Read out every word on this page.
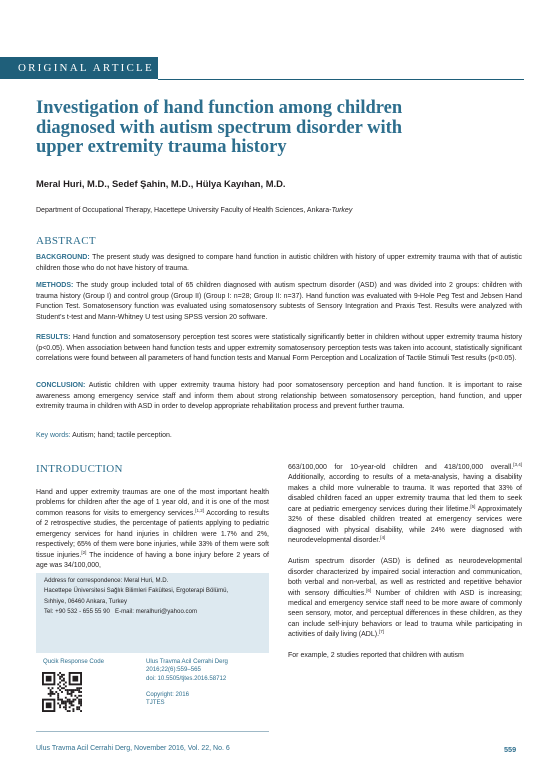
ORIGINAL ARTICLE
Investigation of hand function among children
diagnosed with autism spectrum disorder with
upper extremity trauma history
Meral Huri, M.D., Sedef Şahin, M.D., Hülya Kayıhan, M.D.
Department of Occupational Therapy, Hacettepe University Faculty of Health Sciences, Ankara-Turkey
ABSTRACT
BACKGROUND: The present study was designed to compare hand function in autistic children with history of upper extremity trauma with that of autistic children those who do not have history of trauma.
METHODS: The study group included total of 65 children diagnosed with autism spectrum disorder (ASD) and was divided into 2 groups: children with trauma history (Group I) and control group (Group II) (Group I: n=28; Group II: n=37). Hand function was evaluated with 9-Hole Peg Test and Jebsen Hand Function Test. Somatosensory function was evaluated using somatosensory subtests of Sensory Integration and Praxis Test. Results were analyzed with Student's t-test and Mann-Whitney U test using SPSS version 20 software.
RESULTS: Hand function and somatosensory perception test scores were statistically significantly better in children without upper extremity trauma history (p<0.05). When association between hand function tests and upper extremity somatosensory perception tests was taken into account, statistically significant correlations were found between all parameters of hand function tests and Manual Form Perception and Localization of Tactile Stimuli Test results (p<0.05).
CONCLUSION: Autistic children with upper extremity trauma history had poor somatosensory perception and hand function. It is important to raise awareness among emergency service staff and inform them about strong relationship between somatosensory perception, hand function, and upper extremity trauma in children with ASD in order to develop appropriate rehabilitation process and prevent further trauma.
Key words: Autism; hand; tactile perception.
INTRODUCTION

Hand and upper extremity traumas are one of the most important health problems for children after the age of 1 year old, and it is one of the most common reasons for visits to emergency services.[1,2] According to results of 2 retrospective studies, the percentage of patients applying to pediatric emergency services for hand injuries in children were 1.7% and 2%, respectively; 65% of them were bone injuries, while 33% of them were soft tissue injuries.[2] The incidence of having a bone injury before 2 years of age was 34/100,000,

663/100,000 for 10-year-old children and 418/100,000 overall.[3,4] Additionally, according to results of a meta-analysis, having a disability makes a child more vulnerable to trauma. It was reported that 33% of disabled children faced an upper extremity trauma that led them to seek care at pediatric emergency services during their lifetime.[5] Approximately 32% of these disabled children treated at emergency services were diagnosed with physical disability, while 24% were diagnosed with neurodevelopmental disorder.[4]

Autism spectrum disorder (ASD) is defined as neurodevelopmental disorder characterized by impaired social interaction and communication, both verbal and non-verbal, as well as restricted and repetitive behavior with sensory difficulties.[6] Number of children with ASD is increasing; medical and emergency service staff need to be more aware of commonly seen sensory, motor, and perceptual differences in these children, as they can include self-injury behaviors or lead to trauma while participating in activities of daily living (ADL).[7]

For example, 2 studies reported that children with autism

Address for correspondence: Meral Huri, M.D.
Hacettepe Üniversitesi Sağlık Bilimleri Fakültesi, Ergoterapi Bölümü,
Sıhhiye, 06460 Ankara, Turkey
Tel: +90 532 - 655 55 90 E-mail: meralhuri@yahoo.com
Qucik Response Code	Ulus Travma Acil Cerrahi Derg
2016;22(6):559–565
doi: 10.5505/tjtes.2016.58712
Copyright: 2016
TJTES
Ulus Travma Acil Cerrahi Derg, November 2016, Vol. 22, No. 6	559
